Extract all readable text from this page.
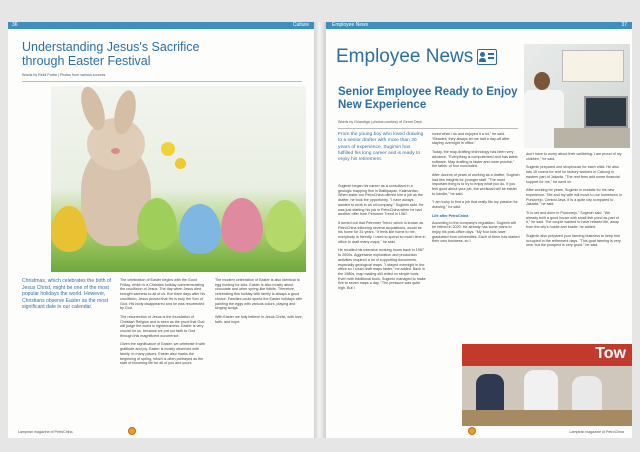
36	Culture
Understanding Jesus's Sacrifice through Easter Festival
Words by Reidi Purba | Photos from various sources
Christmas, which celebrates the birth of Jesus Christ, might be one of the most popular holidays the world. However, Christians observe Easter as the most significant date in our calendar.

The celebration of Easter begins with the Good Friday, which is a Christian holiday commemorating the crucifixion of Jesus. The day when Jesus died brought sadness to all of us. But three days after his crucifixion, Jesus proved that He is truly the Son of God. His body disappeared and he was resurrected by God.

The resurrection of Jesus is the foundation of Christian Religion and is seen as the proof that God will judge the world in righteousness. Easter is very crucial for us, because we put our faith to God through this magnificent occurrence.

Given the significance of Easter, we celebrate it with gratitude and joy. Easter is mostly observed with family. In many places, Easter also marks the beginning of spring, which is often portrayed as the start of blooming life for all of you and yours.

The modern celebration of Easter is also identical to egg hunting for kids. Easter is also mostly about chocolate and other spring-like tidbits. Therefore, celebrating this holiday with family is always a good choice. Families could spend the Easter holidays with painting the eggs with various colors, playing and singing songs.

With Easter we fully believe in Jesus Christ, with love, faith, and hope.

Lampiran magazine of PetroChina
Employee News	37
Employee News
Senior Employee Ready to Enjoy New Experience
Words by Griandiga | photos courtesy of Genre Dept.
From the young boy who loved drawing to a senior drafter with more than 30 years of experience, Sugimin has fulfilled his long career and is ready to enjoy his retirement.

Sugimin began his career as a consultant in a geologic mapping firm in Balikpapan, Kalimantan. When sister-run PetroChina offered him a job as the drafter, he took the opportunity. "I have always wanted to work in an oil company," Sugimin said. He was just starting his job in PetroChina when he had another offer from Petromer Trend in 1987.

It turned out that Petromer Trend, which is known as PetroChina following several acquisitions, would be his home for 31 years. "It feels like home to me, everybody is friendly. I used to spend so much time in office to draft many maps," he said.

He recalled his intensive working hours back in 1987 to 2000s. Aggressive exploration and production activities required a lot of supporting documents, especially geological maps. "I stayed overnight in the office so I could draft maps faster," he added. Back in the 1980s, map making still relied on simple tools. Even with traditional tools, Sugimin managed to make five to seven maps a day. "The pressure was quite high. But I

loved what I do and enjoyed it a lot," he said. "Besides, they always let me half a day-off after staying overnight in office."

Today, the map-drafting technology has been very advance. "Everything is computerized and has latest software. Map drafting is faster and more precise," the father of four concluded.

After dozens of years of working as a drafter, Sugimin had few insights for younger staff. "The most important thing is to try to enjoy what you do. If you feel good about your job, the workload will be easier to handle," he said.

"I am lucky to find a job that really fits my passion for drawing," he said.

Life after PetroChina

According to the company's regulation, Sugimin will be retired in 2020. He already has some plans to enjoy his post-office days. "My four kids have graduated from universities. Each of them has started their own business, so I

don't have to worry about their wellbeing. I am proud of my children," he said.

Sugimin prepared one shophouse for each child. He also has 10 rooms for rent for factory workers in Cakung in eastern part of Jakarta. "The rent fees add some financial support for me," he went on.

After working for years, Sugimin is ecstatic for his new experience. "Me and my wife will move to our hometown in Purworejo, Central Java. It is a quite city compared to Jakarta," he said.

"It is set and done in Purworejo," Sugimin said. "We already built a good house with small fish pond as part of it," he said. The couple wanted to have relaxed life, away from the city's hustle and bustle, he added.

Sugimin also prepared your farming business to keep him occupied in the retirement days. "This goat farming is very new, but the prospect is very good," he said.

Tow
Lampiran magazine of PetroChina
